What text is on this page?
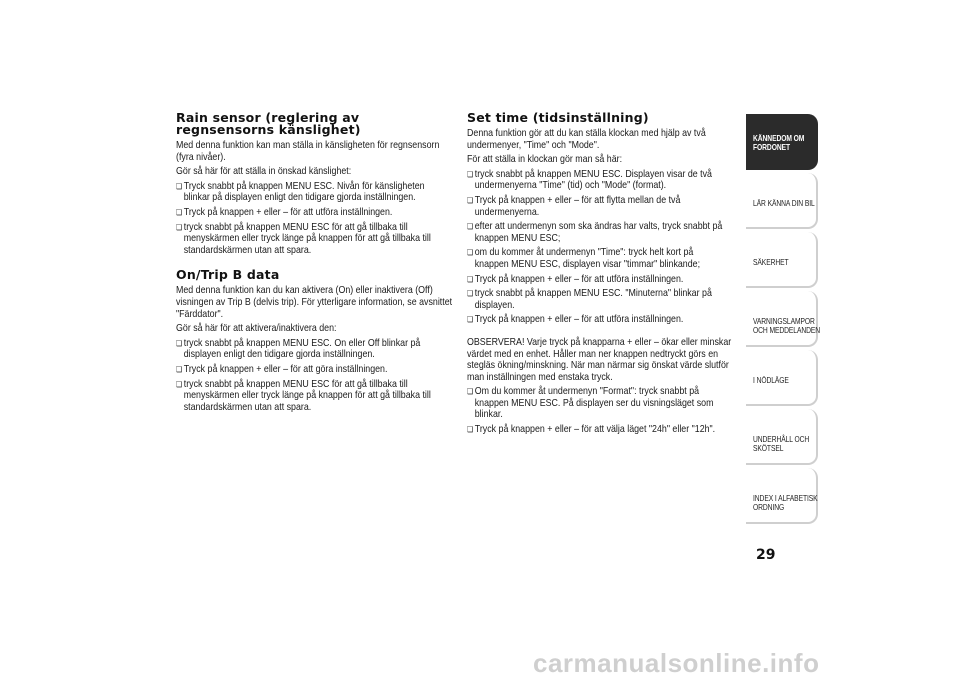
Rain sensor (reglering av regnsensorns känslighet)

Med denna funktion kan man ställa in känsligheten för regnsensorn (fyra nivåer).

Gör så här för att ställa in önskad känslighet:

❏ Tryck snabbt på knappen MENU ESC. Nivån för känsligheten blinkar på displayen enligt den tidigare gjorda inställningen.
❏ Tryck på knappen + eller – för att utföra inställningen.
❏ tryck snabbt på knappen MENU ESC för att gå tillbaka till menyskärmen eller tryck länge på knappen för att gå tillbaka till standardskärmen utan att spara.
On/Trip B data

Med denna funktion kan du kan aktivera (On) eller inaktivera (Off) visningen av Trip B (delvis trip). För ytterligare information, se avsnittet "Färddator".

Gör så här för att aktivera/inaktivera den:

❏ tryck snabbt på knappen MENU ESC. On eller Off blinkar på displayen enligt den tidigare gjorda inställningen.
❏ Tryck på knappen + eller – för att göra inställningen.
❏ tryck snabbt på knappen MENU ESC för att gå tillbaka till menyskärmen eller tryck länge på knappen för att gå tillbaka till standardskärmen utan att spara.
Set time (tidsinställning)

Denna funktion gör att du kan ställa klockan med hjälp av två undermenyer, "Time" och "Mode".

För att ställa in klockan gör man så här:

❏ tryck snabbt på knappen MENU ESC. Displayen visar de två undermenyerna "Time" (tid) och "Mode" (format).
❏ Tryck på knappen + eller – för att flytta mellan de två undermenyerna.
❏ efter att undermenyn som ska ändras har valts, tryck snabbt på knappen MENU ESC;
❏ om du kommer åt undermenyn "Time": tryck helt kort på knappen MENU ESC, displayen visar "timmar" blinkande;
❏ Tryck på knappen + eller – för att utföra inställningen.
❏ tryck snabbt på knappen MENU ESC. "Minuterna" blinkar på displayen.
❏ Tryck på knappen + eller – för att utföra inställningen.

OBSERVERA! Varje tryck på knapparna + eller – ökar eller minskar värdet med en enhet. Håller man ner knappen nedtryckt görs en stegläs ökning/minskning. När man närmar sig önskat värde slutför man inställningen med enstaka tryck.

❏ Om du kommer åt undermenyn "Format": tryck snabbt på knappen MENU ESC. På displayen ser du visningsläget som blinkar.
❏ Tryck på knappen + eller – för att välja läget "24h" eller "12h".
KÄNNEDOM OM FORDONET
LÄR KÄNNA DIN BIL
SÄKERHET
VARNINGSLAMPOR OCH MEDDELANDEN
I NÖDLÄGE
UNDERHÅLL OCH SKÖTSEL
INDEX I ALFABETISK ORDNING
29
carmanualsonline.info
